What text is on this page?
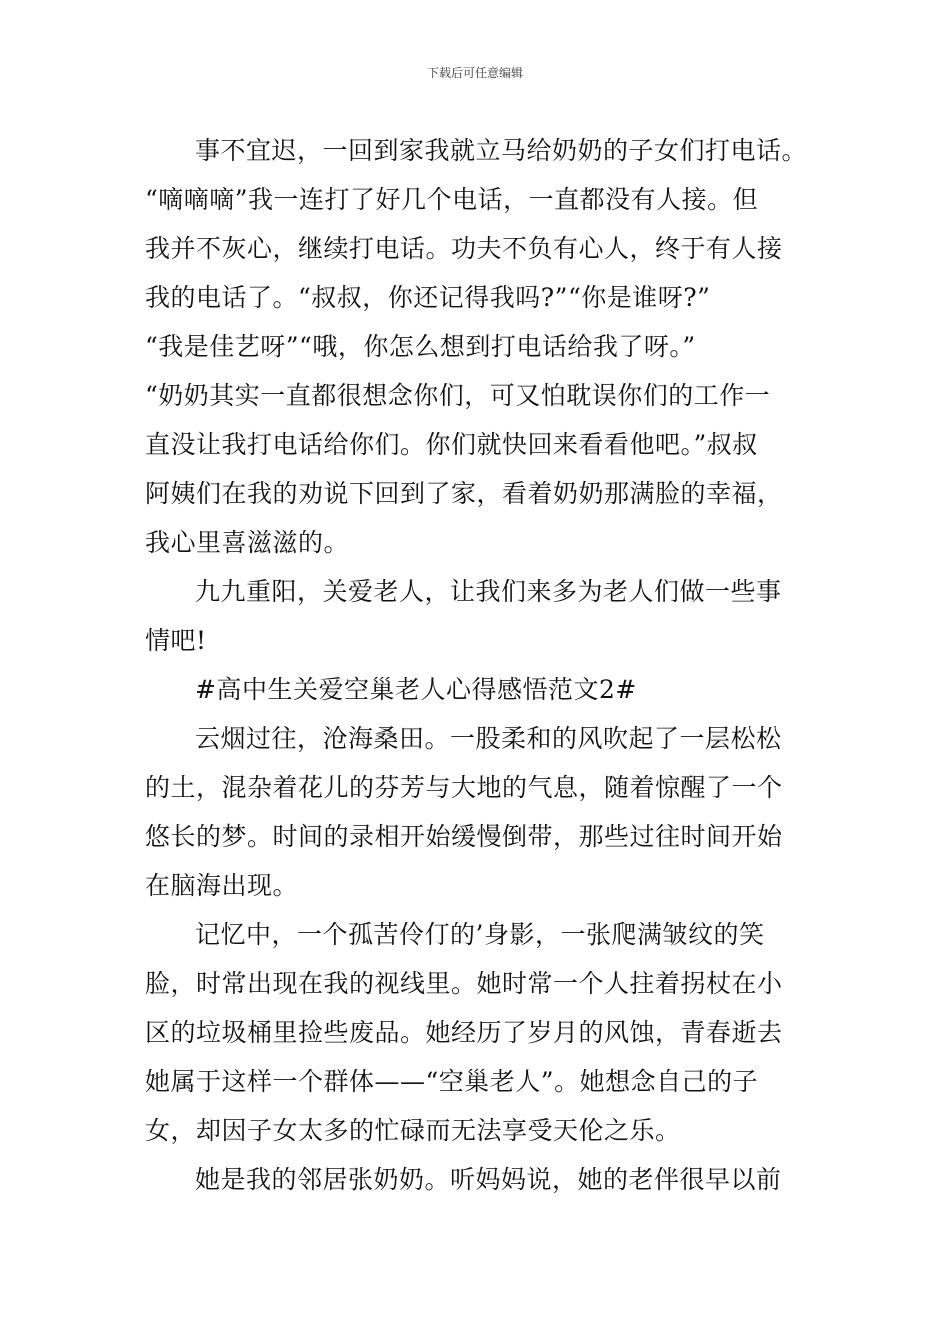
下载后可任意编辑
事不宜迟，一回到家我就立马给奶奶的子女们打电话。
“嘀嘀嘀”我一连打了好几个电话，一直都没有人接。但
我并不灰心，继续打电话。功夫不负有心人，终于有人接
我的电话了。“叔叔，你还记得我吗?”“你是谁呀?”
“我是佳艺呀”“哦，你怎么想到打电话给我了呀。”
“奶奶其实一直都很想念你们，可又怕耽误你们的工作一
直没让我打电话给你们。你们就快回来看看他吧。”叔叔
阿姨们在我的劝说下回到了家，看着奶奶那满脸的幸福，
我心里喜滋滋的。
九九重阳，关爱老人，让我们来多为老人们做一些事
情吧!
#高中生关爱空巢老人心得感悟范文2#
云烟过往，沧海桑田。一股柔和的风吹起了一层松松
的土，混杂着花儿的芬芳与大地的气息，随着惊醒了一个
悠长的梦。时间的录相开始缓慢倒带，那些过往时间开始
在脑海出现。
记忆中，一个孤苦伶仃的’身影，一张爬满皱纹的笑
脸，时常出现在我的视线里。她时常一个人拄着拐杖在小
区的垃圾桶里捡些废品。她经历了岁月的风蚀，青春逝去
她属于这样一个群体——“空巢老人”。她想念自己的子
女，却因子女太多的忙碌而无法享受天伦之乐。
她是我的邻居张奶奶。听妈妈说，她的老伴很早以前
